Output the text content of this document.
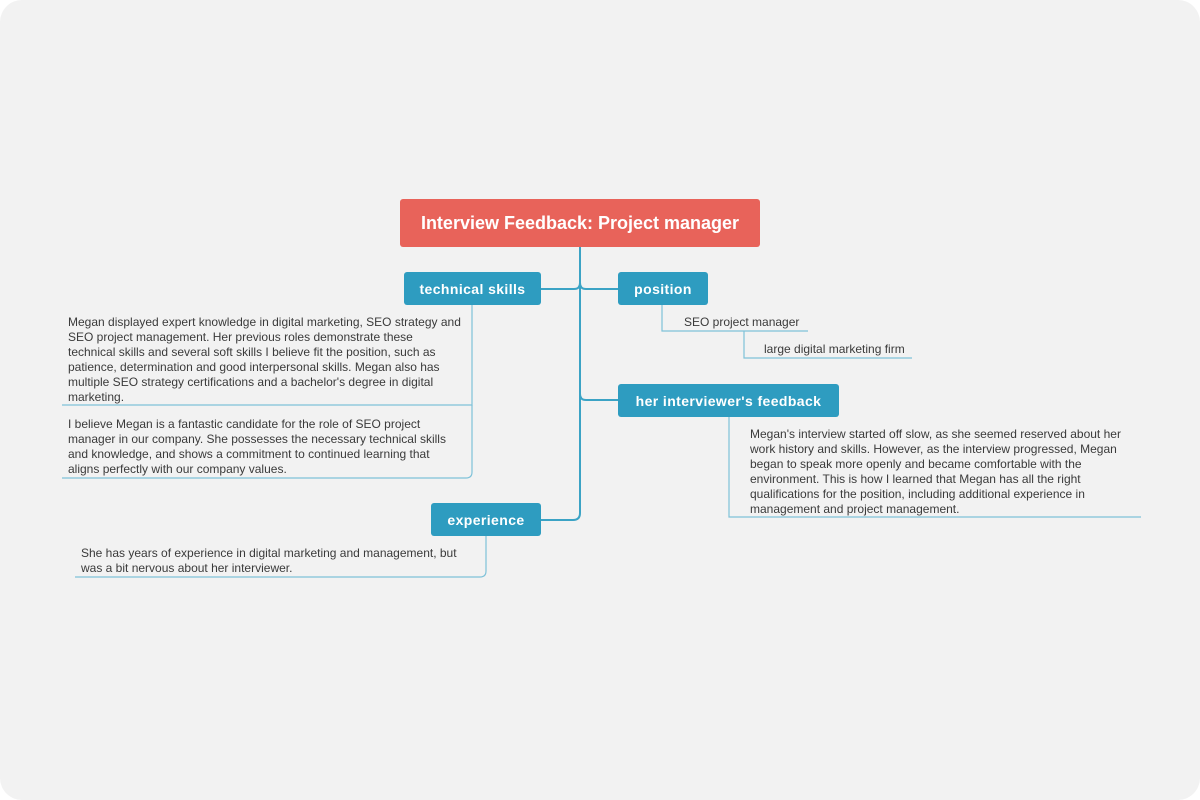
Interview Feedback: Project manager
technical skills	position
her interviewer's feedback
experience

Megan displayed expert knowledge in digital marketing, SEO strategy and SEO project management. Her previous roles demonstrate these technical skills and several soft skills I believe fit the position, such as patience, determination and good interpersonal skills. Megan also has multiple SEO strategy certifications and a bachelor's degree in digital marketing.

I believe Megan is a fantastic candidate for the role of SEO project manager in our company. She possesses the necessary technical skills and knowledge, and shows a commitment to continued learning that aligns perfectly with our company values.

SEO project manager

large digital marketing firm

Megan's interview started off slow, as she seemed reserved about her work history and skills. However, as the interview progressed, Megan began to speak more openly and became comfortable with the environment. This is how I learned that Megan has all the right qualifications for the position, including additional experience in management and project management.

She has years of experience in digital marketing and management, but was a bit nervous about her interviewer.
